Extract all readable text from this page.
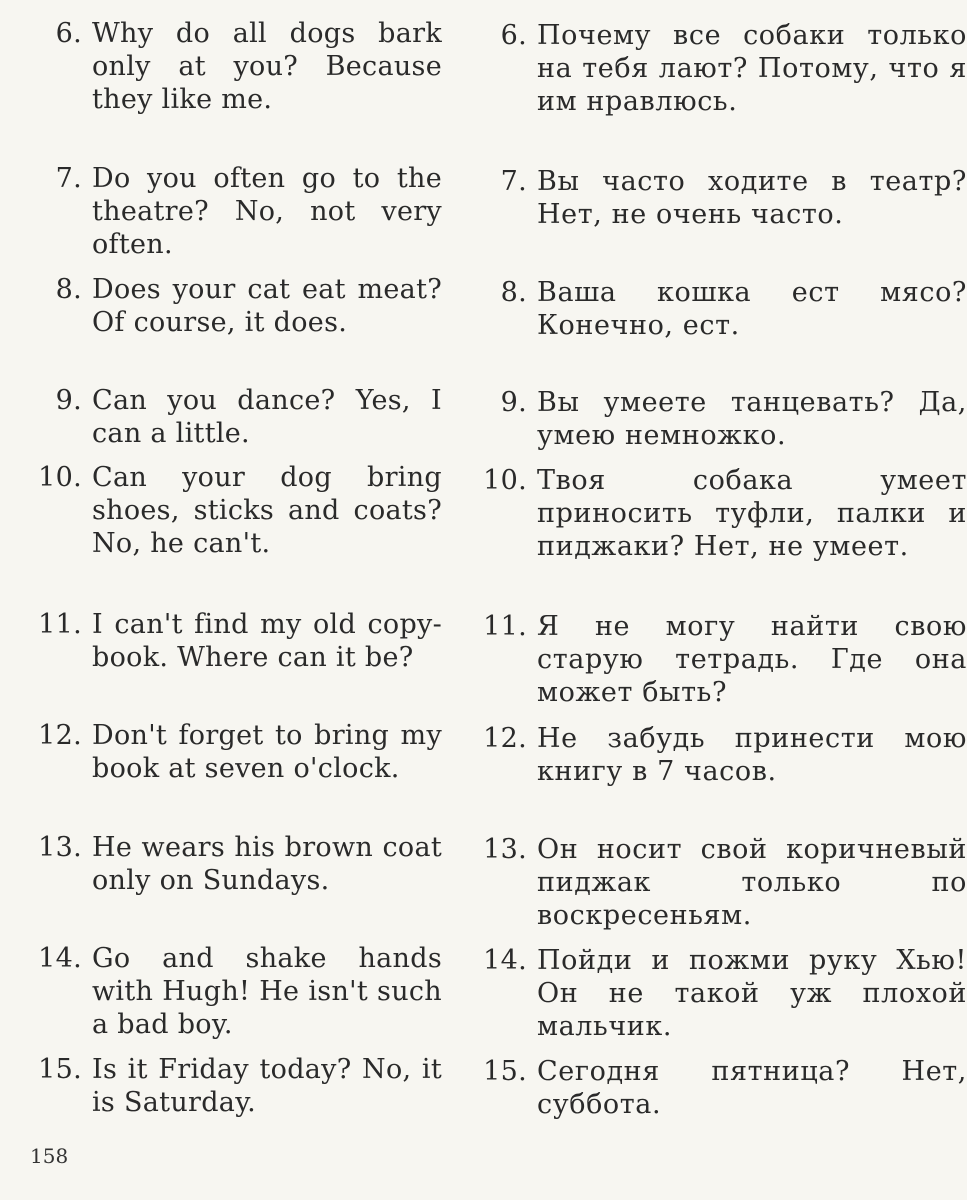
6. Why do all dogs bark only at you? Because they like me.
7. Do you often go to the theatre? No, not very often.
8. Does your cat eat meat? Of course, it does.
9. Can you dance? Yes, I can a little.
10. Can your dog bring shoes, sticks and coats? No, he can't.
11. I can't find my old copy-book. Where can it be?
12. Don't forget to bring my book at seven o'clock.
13. He wears his brown coat only on Sundays.
14. Go and shake hands with Hugh! He isn't such a bad boy.
15. Is it Friday today? No, it is Saturday.
6. Почему все собаки только на тебя лают? Потому, что я им нравлюсь.
7. Вы часто ходите в театр? Нет, не очень часто.
8. Ваша кошка ест мясо? Конечно, ест.
9. Вы умеете танцевать? Да, умею немножко.
10. Твоя собака умеет приносить туфли, палки и пиджаки? Нет, не умеет.
11. Я не могу найти свою старую тетрадь. Где она может быть?
12. Не забудь принести мою книгу в 7 часов.
13. Он носит свой коричневый пиджак только по воскресеньям.
14. Пойди и пожми руку Хью! Он не такой уж плохой мальчик.
15. Сегодня пятница? Нет, суббота.
158
